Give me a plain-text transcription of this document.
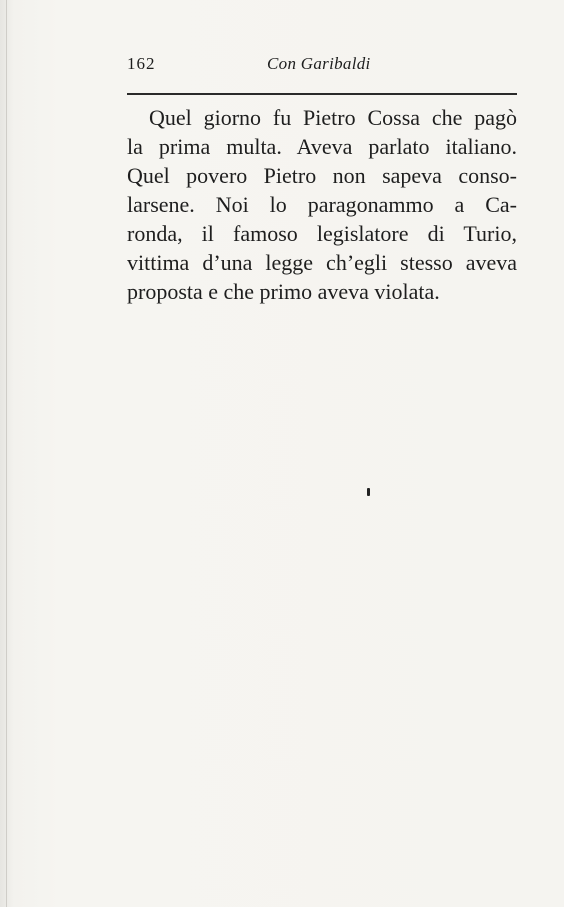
162	Con Garibaldi

Quel giorno fu Pietro Cossa che pagò
la prima multa. Aveva parlato italiano.
Quel povero Pietro non sapeva conso-
larsene. Noi lo paragonammo a Ca-
ronda, il famoso legislatore di Turio,
vittima d’una legge ch’egli stesso aveva
proposta e che primo aveva violata.
